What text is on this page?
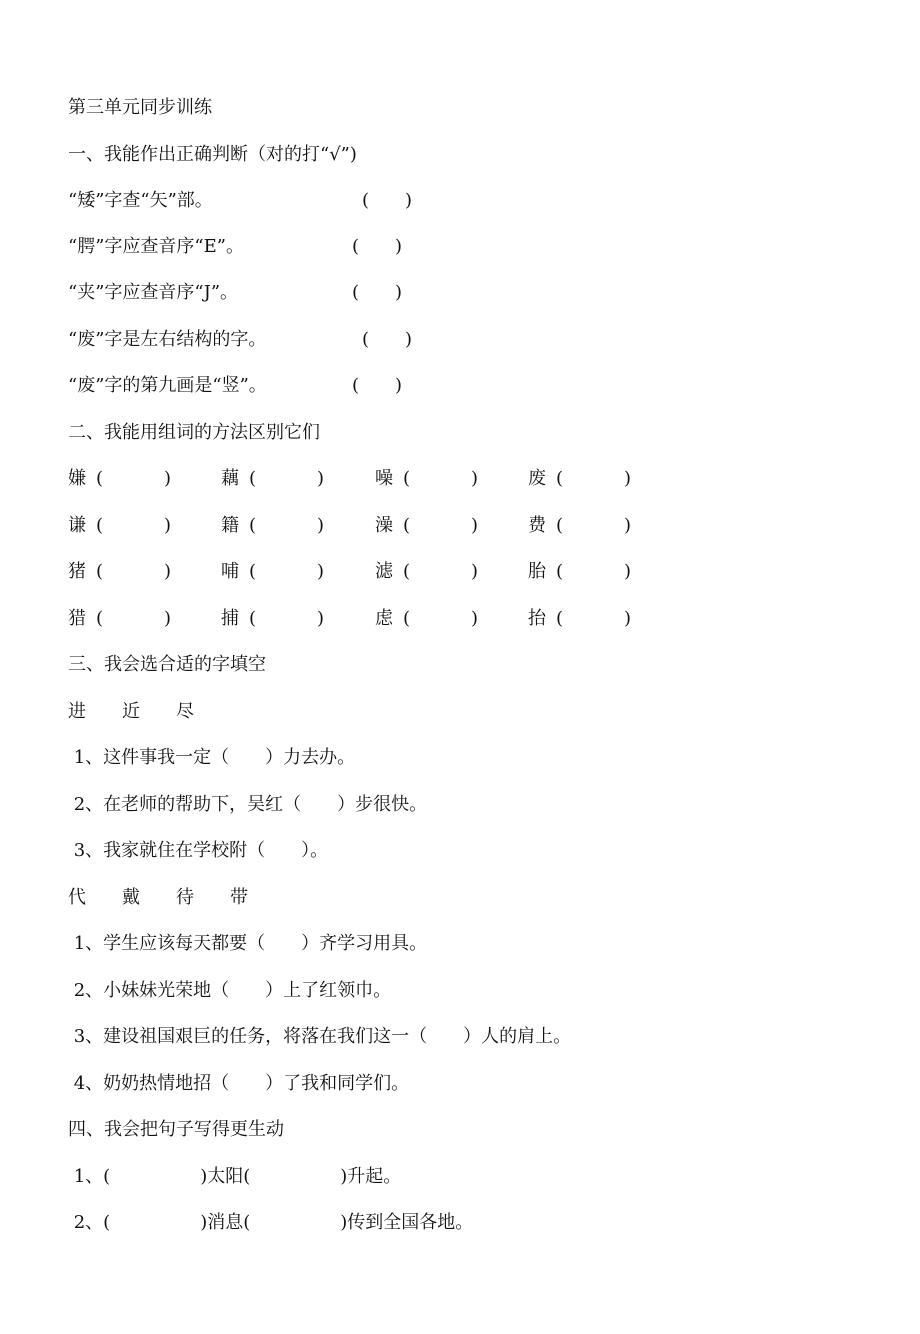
第三单元同步训练
一、我能作出正确判断（对的打“√”)
“矮”字查“矢”部。	(　　)
“腭”字应查音序“E”。	(　　)
“夹”字应查音序“J”。	(　　)
“废”字是左右结构的字。	(　　)
“废”字的第九画是“竖”。	(　　)
二、我能用组词的方法区别它们
嫌 (	)	藕 (	)	噪 (	)	废 (	)
谦 (	)	籍 (	)	澡 (	)	费 (	)
猪 (	)	哺 (	)	滤 (	)	胎 (	)
猎 (	)	捕 (	)	虑 (	)	抬 (	)
三、我会选合适的字填空
进　　近　　尽
1、这件事我一定（　　）力去办。
2、在老师的帮助下，吴红（　　）步很快。
3、我家就住在学校附（　　）。
代　　戴　　待　　带
1、学生应该每天都要（　　）齐学习用具。
2、小妹妹光荣地（　　）上了红领巾。
3、建设祖国艰巨的任务，将落在我们这一（　　）人的肩上。
4、奶奶热情地招（　　）了我和同学们。
四、我会把句子写得更生动
1、(　　　　　)太阳(　　　　　)升起。
2、(　　　　　)消息(　　　　　)传到全国各地。
